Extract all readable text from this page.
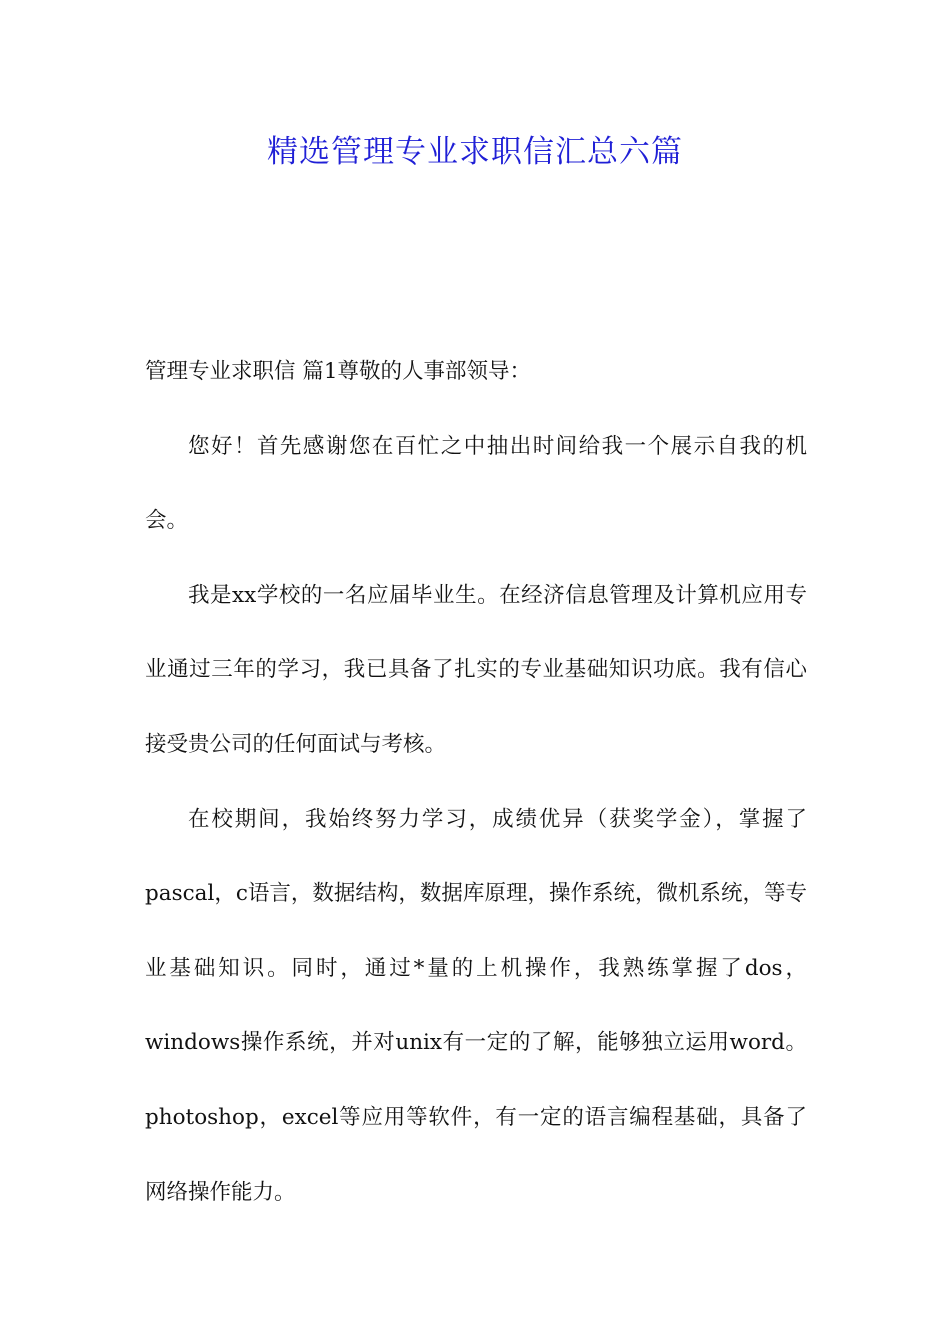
精选管理专业求职信汇总六篇

管理专业求职信 篇1尊敬的人事部领导：

您好！首先感谢您在百忙之中抽出时间给我一个展示自我的机会。

我是xx学校的一名应届毕业生。在经济信息管理及计算机应用专业通过三年的学习，我已具备了扎实的专业基础知识功底。我有信心接受贵公司的任何面试与考核。

在校期间，我始终努力学习，成绩优异（获奖学金），掌握了pascal，c语言，数据结构，数据库原理，操作系统，微机系统，等专业基础知识。同时，通过*量的上机操作，我熟练掌握了dos，windows操作系统，并对unix有一定的了解，能够独立运用word。photoshop，excel等应用等软件，有一定的语言编程基础，具备了网络操作能力。
